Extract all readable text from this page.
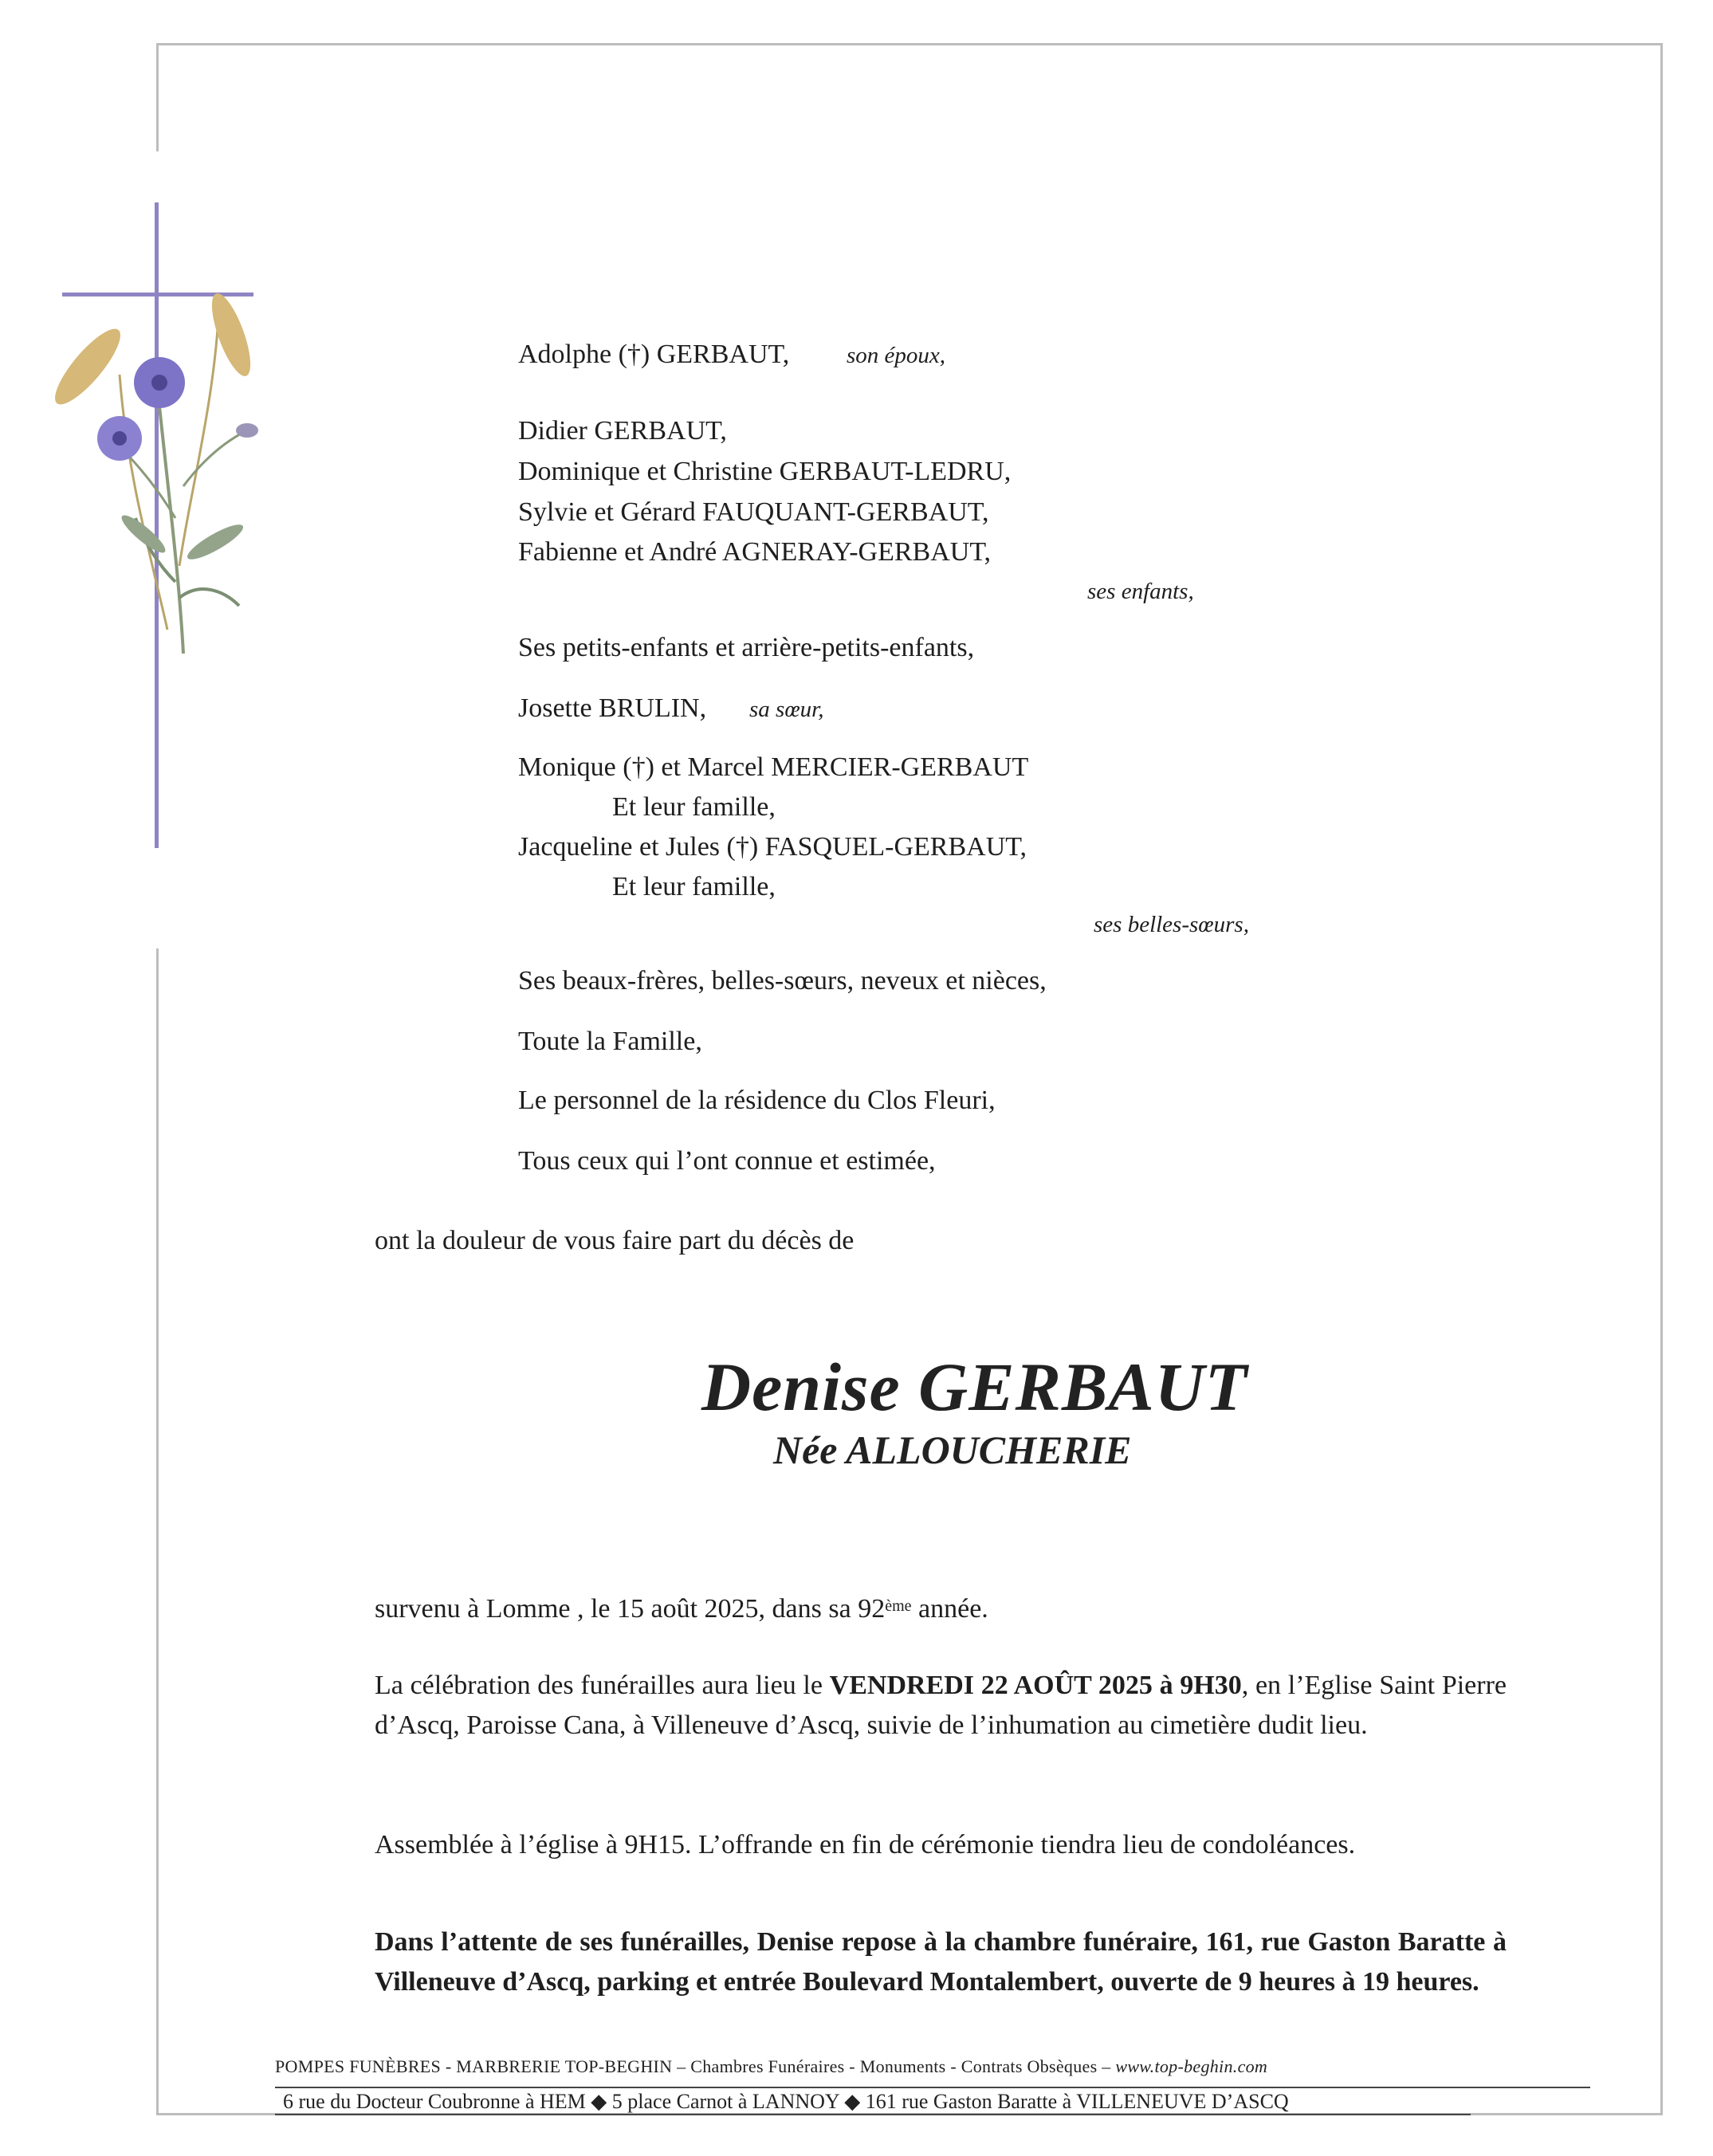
Adolphe (†) GERBAUT, son époux,
Didier GERBAUT,
Dominique et Christine GERBAUT-LEDRU,
Sylvie et Gérard FAUQUANT-GERBAUT,
Fabienne et André AGNERAY-GERBAUT,
ses enfants,
Ses petits-enfants et arrière-petits-enfants,
Josette BRULIN, sa sœur,
Monique (†) et Marcel MERCIER-GERBAUT
Et leur famille,
Jacqueline et Jules (†) FASQUEL-GERBAUT,
Et leur famille,
ses belles-sœurs,
Ses beaux-frères, belles-sœurs, neveux et nièces,
Toute la Famille,
Le personnel de la résidence du Clos Fleuri,
Tous ceux qui l’ont connue et estimée,
ont la douleur de vous faire part du décès de
Denise GERBAUT
Née ALLOUCHERIE
survenu à Lomme , le 15 août 2025, dans sa 92ème année.
La célébration des funérailles aura lieu le VENDREDI 22 AOÛT 2025 à 9H30, en l’Eglise Saint Pierre d’Ascq, Paroisse Cana, à Villeneuve d’Ascq, suivie de l’inhumation au cimetière dudit lieu.
Assemblée à l’église à 9H15. L’offrande en fin de cérémonie tiendra lieu de condoléances.
Dans l’attente de ses funérailles, Denise repose à la chambre funéraire, 161, rue Gaston Baratte à Villeneuve d’Ascq, parking et entrée Boulevard Montalembert, ouverte de 9 heures à 19 heures.
POMPES FUNÈBRES - MARBRERIE TOP-BEGHIN – Chambres Funéraires - Monuments - Contrats Obsèques – www.top-beghin.com
6 rue du Docteur Coubronne à HEM ◆ 5 place Carnot à LANNOY ◆ 161 rue Gaston Baratte à VILLENEUVE D’ASCQ
